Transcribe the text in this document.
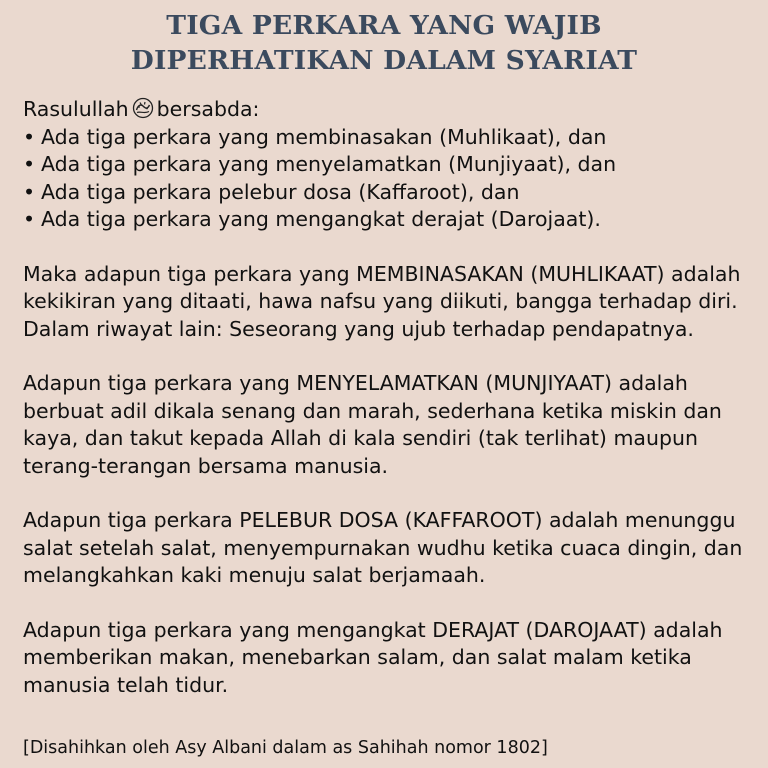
TIGA PERKARA YANG WAJIB
DIPERHATIKAN DALAM SYARIAT

Rasulullah bersabda:

• Ada tiga perkara yang membinasakan (Muhlikaat), dan
• Ada tiga perkara yang menyelamatkan (Munjiyaat), dan
• Ada tiga perkara pelebur dosa (Kaffaroot), dan
• Ada tiga perkara yang mengangkat derajat (Darojaat).

Maka adapun tiga perkara yang MEMBINASAKAN (MUHLIKAAT) adalah kekikiran yang ditaati, hawa nafsu yang diikuti, bangga terhadap diri. Dalam riwayat lain: Seseorang yang ujub terhadap pendapatnya.

Adapun tiga perkara yang MENYELAMATKAN (MUNJIYAAT) adalah berbuat adil dikala senang dan marah, sederhana ketika miskin dan kaya, dan takut kepada Allah di kala sendiri (tak terlihat) maupun terang-terangan bersama manusia.

Adapun tiga perkara PELEBUR DOSA (KAFFAROOT) adalah menunggu salat setelah salat, menyempurnakan wudhu ketika cuaca dingin, dan melangkahkan kaki menuju salat berjamaah.

Adapun tiga perkara yang mengangkat DERAJAT (DAROJAAT) adalah memberikan makan, menebarkan salam, dan salat malam ketika manusia telah tidur.

[Disahihkan oleh Asy Albani dalam as Sahihah nomor 1802]
